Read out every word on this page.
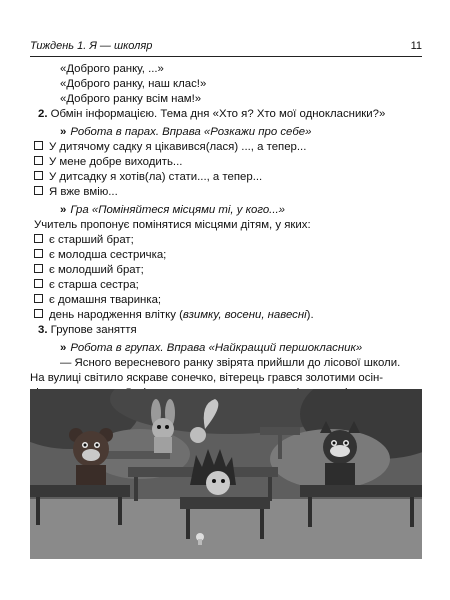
Тиждень 1. Я — школяр	11
«Доброго ранку, ...»
«Доброго ранку, наш клас!»
«Доброго ранку всім нам!»
2. Обмін інформацією. Тема дня «Хто я? Хто мої однокласники?»
» Робота в парах. Вправа «Розкажи про себе»
У дитячому садку я цікавився(лася) ..., а тепер...
У мене добре виходить...
У дитсадку я хотів(ла) стати..., а тепер...
Я вже вмію...
» Гра «Поміняйтеся місцями ті, у кого...»
Учитель пропонує помінятися місцями дітям, у яких:
є старший брат;
є молодша сестричка;
є молодший брат;
є старша сестра;
є домашня тваринка;
день народження влітку (взимку, восени, навесні).
3. Групове заняття
» Робота в групах. Вправа «Найкращий першокласник»
— Ясного вересневого ранку звірята прийшли до лісової школи.
На вулиці світило яскраве сонечко, вітерець грався золотими осін-
